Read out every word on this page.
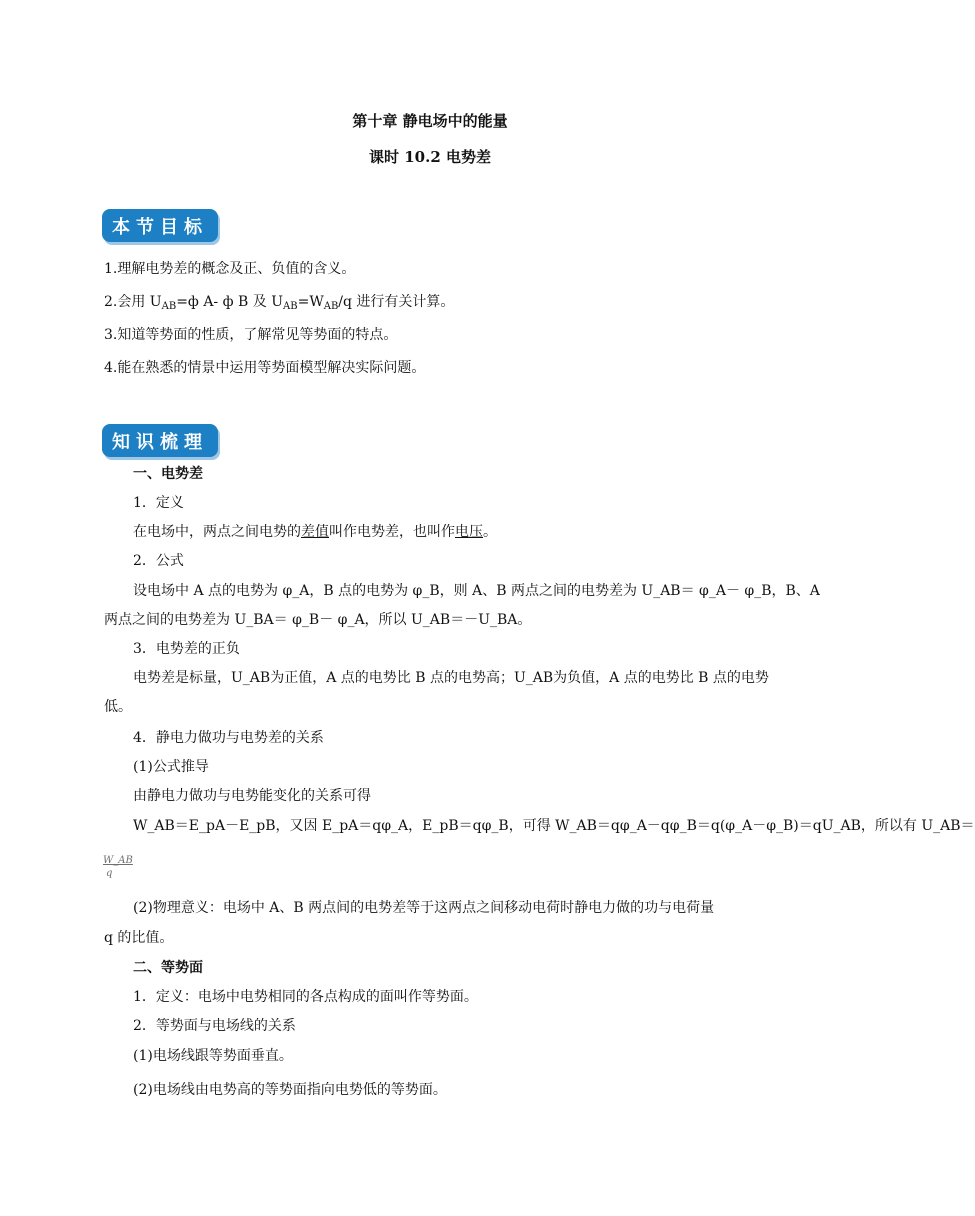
第十章 静电场中的能量
课时 10.2 电势差
本节目标
1.理解电势差的概念及正、负值的含义。
2.会用 $U_{AB}=ф$ A- ф B 及 $U_{AB}=W_{AB}/q$ 进行有关计算。
3.知道等势面的性质，了解常见等势面的特点。
4.能在熟悉的情景中运用等势面模型解决实际问题。
知识梳理
一、电势差
1．定义
在电场中，两点之间电势的差值叫作电势差，也叫作电压。
2．公式
设电场中 A 点的电势为 φ_A，B 点的电势为 φ_B，则 A、B 两点之间的电势差为 U_AB＝ φ_A－ φ_B，B、A
两点之间的电势差为 U_BA＝ φ_B－ φ_A，所以 U_AB＝－U_BA。
3．电势差的正负
电势差是标量，U_AB为正值，A 点的电势比 B 点的电势高；U_AB为负值，A 点的电势比 B 点的电势
低。
4．静电力做功与电势差的关系
(1)公式推导
由静电力做功与电势能变化的关系可得
W_AB＝E_pA－E_pB，又因 E_pA＝qφ_A，E_pB＝qφ_B，可得 W_AB＝qφ_A－qφ_B＝q(φ_A－φ_B)＝qU_AB，所以有 U_AB＝
$\frac{W\_AB}{q}$
(2)物理意义：电场中 A、B 两点间的电势差等于这两点之间移动电荷时静电力做的功与电荷量
q 的比值。
二、等势面
1．定义：电场中电势相同的各点构成的面叫作等势面。
2．等势面与电场线的关系
(1)电场线跟等势面垂直。
(2)电场线由电势高的等势面指向电势低的等势面。
